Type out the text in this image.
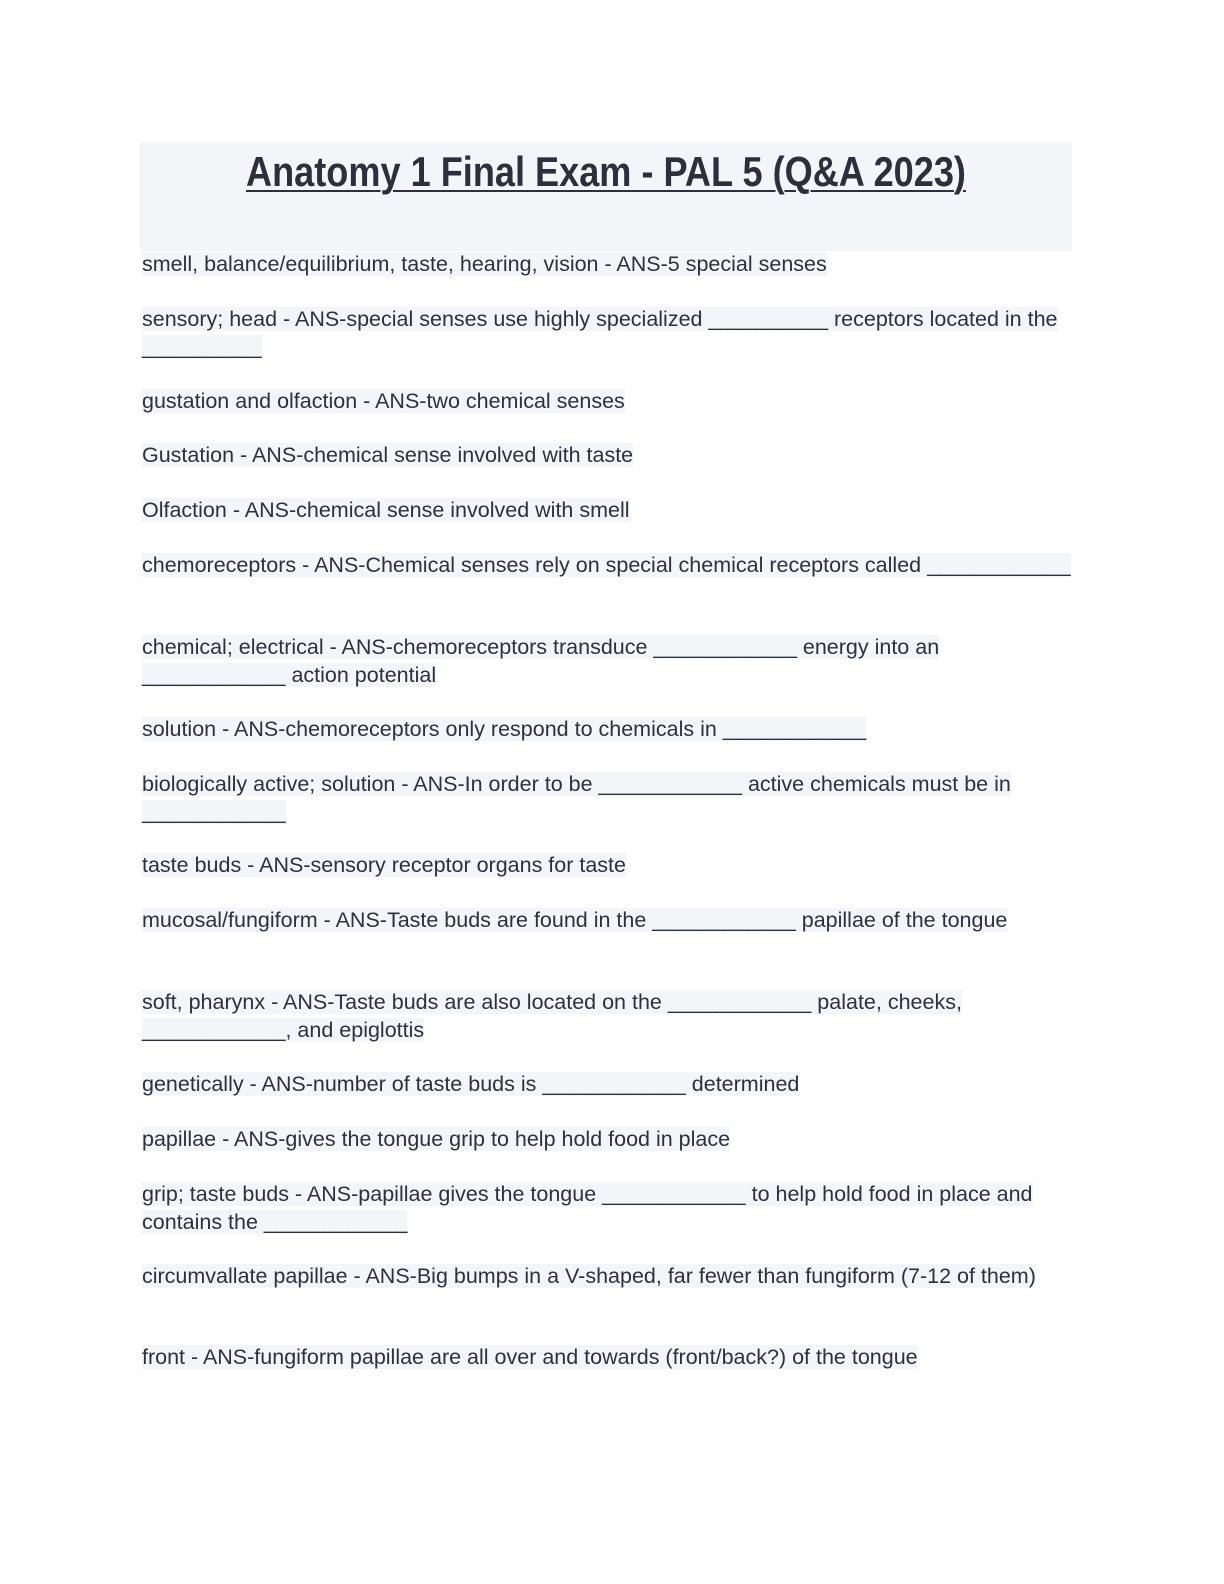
Anatomy 1 Final Exam - PAL 5 (Q&A 2023)
smell, balance/equilibrium, taste, hearing, vision - ANS-5 special senses
sensory; head - ANS-special senses use highly specialized __________ receptors located in the __________
gustation and olfaction - ANS-two chemical senses
Gustation - ANS-chemical sense involved with taste
Olfaction - ANS-chemical sense involved with smell
chemoreceptors - ANS-Chemical senses rely on special chemical receptors called ____________
chemical; electrical - ANS-chemoreceptors transduce ____________ energy into an ____________ action potential
solution - ANS-chemoreceptors only respond to chemicals in ____________
biologically active; solution - ANS-In order to be ____________ active chemicals must be in ____________
taste buds - ANS-sensory receptor organs for taste
mucosal/fungiform - ANS-Taste buds are found in the ____________ papillae of the tongue
soft, pharynx - ANS-Taste buds are also located on the ____________ palate, cheeks, ____________, and epiglottis
genetically - ANS-number of taste buds is ____________ determined
papillae - ANS-gives the tongue grip to help hold food in place
grip; taste buds - ANS-papillae gives the tongue ____________ to help hold food in place and contains the ____________
circumvallate papillae - ANS-Big bumps in a V-shaped, far fewer than fungiform (7-12 of them)
front - ANS-fungiform papillae are all over and towards (front/back?) of the tongue
